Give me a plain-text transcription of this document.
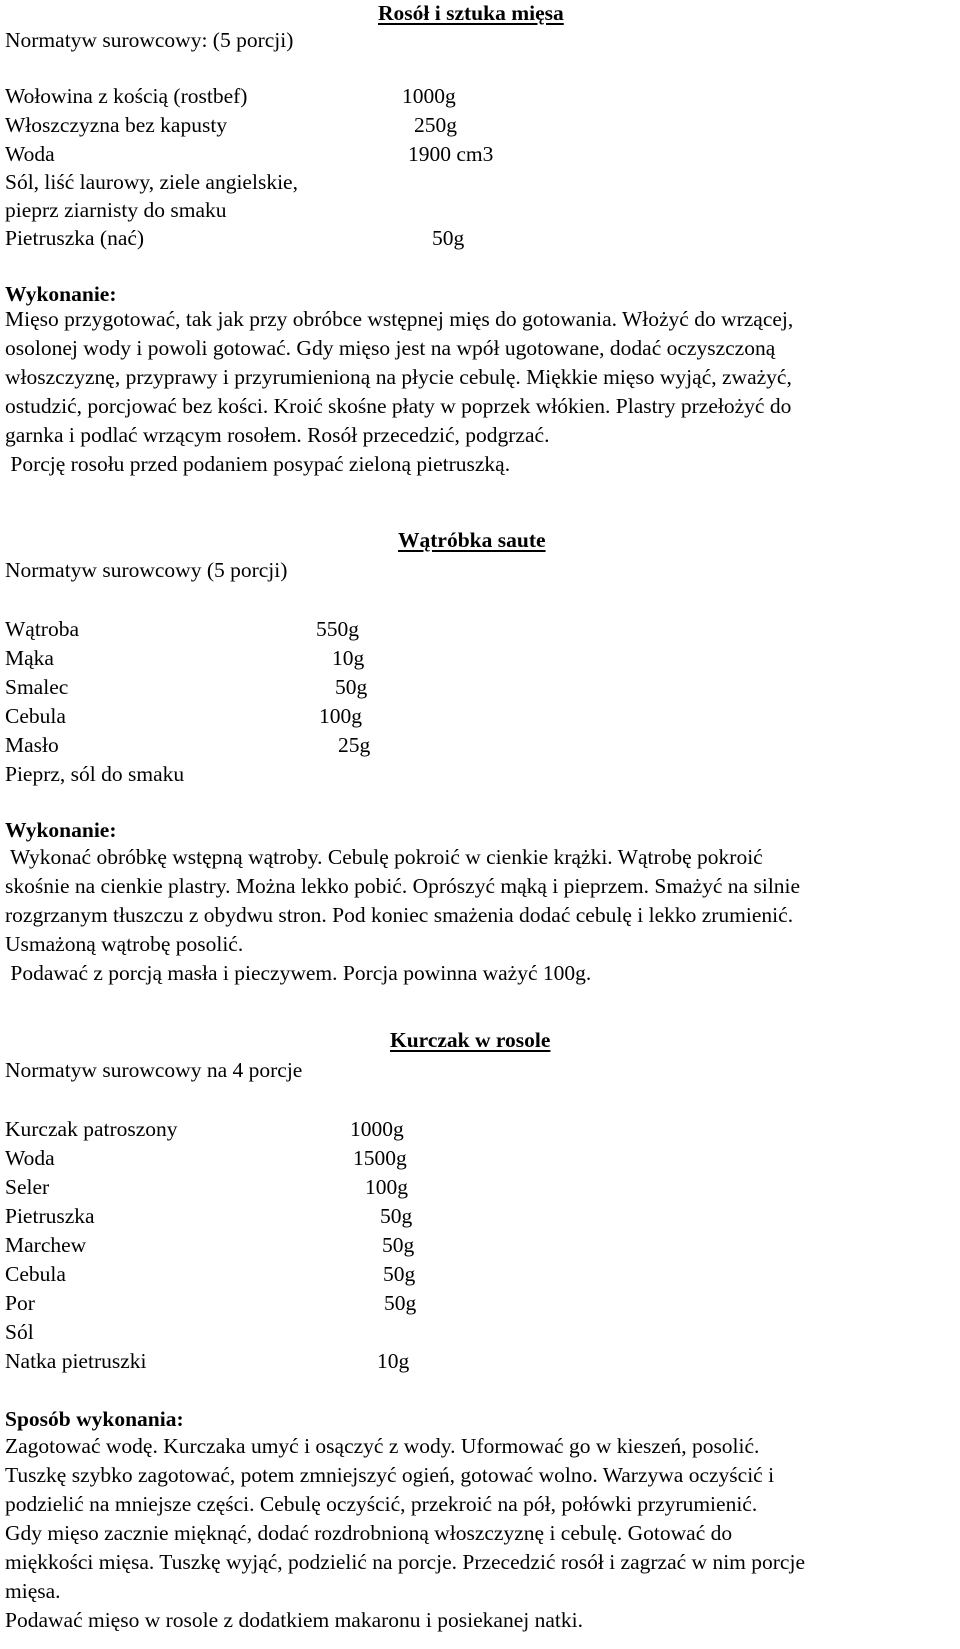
Rosół i sztuka mięsa
Normatyw surowcowy: (5 porcji)
Wołowina z kością (rostbef)	1000g
Włoszczyzna bez kapusty	250g
Woda	1900 cm3
Sól, liść laurowy, ziele angielskie,
pieprz ziarnisty do smaku
Pietruszka (nać)	50g
Wykonanie:
Mięso przygotować, tak jak przy obróbce wstępnej mięs do gotowania. Włożyć do wrzącej,
osolonej wody i powoli gotować. Gdy mięso jest na wpół ugotowane, dodać oczyszczoną
włoszczyznę, przyprawy i przyrumienioną na płycie cebulę. Miękkie mięso wyjąć, zważyć,
ostudzić, porcjować bez kości. Kroić skośne płaty w poprzek włókien. Plastry przełożyć do
garnka i podlać wrzącym rosołem. Rosół przecedzić, podgrzać.
Porcję rosołu przed podaniem posypać zieloną pietruszką.
Wątróbka saute
Normatyw surowcowy (5 porcji)
Wątroba	550g
Mąka	10g
Smalec	50g
Cebula	100g
Masło	25g
Pieprz, sól do smaku
Wykonanie:
Wykonać obróbkę wstępną wątroby. Cebulę pokroić w cienkie krążki. Wątrobę pokroić
skośnie na cienkie plastry. Można lekko pobić. Oprószyć mąką i pieprzem. Smażyć na silnie
rozgrzanym tłuszczu z obydwu stron. Pod koniec smażenia dodać cebulę i lekko zrumienić.
Usmażoną wątrobę posolić.
Podawać z porcją masła i pieczywem. Porcja powinna ważyć 100g.
Kurczak w rosole
Normatyw surowcowy na 4 porcje
Kurczak patroszony	1000g
Woda	1500g
Seler	100g
Pietruszka	50g
Marchew	50g
Cebula	50g
Por	50g
Sól
Natka pietruszki	10g
Sposób wykonania:
Zagotować wodę. Kurczaka umyć i osączyć z wody. Uformować go w kieszeń, posolić.
Tuszkę szybko zagotować, potem zmniejszyć ogień, gotować wolno. Warzywa oczyścić i
podzielić na mniejsze części. Cebulę oczyścić, przekroić na pół, połówki przyrumienić.
Gdy mięso zacznie mięknąć, dodać rozdrobnioną włoszczyznę i cebulę. Gotować do
miękkości mięsa. Tuszkę wyjąć, podzielić na porcje. Przecedzić rosół i zagrzać w nim porcje
mięsa.
Podawać mięso w rosole z dodatkiem makaronu i posiekanej natki.
